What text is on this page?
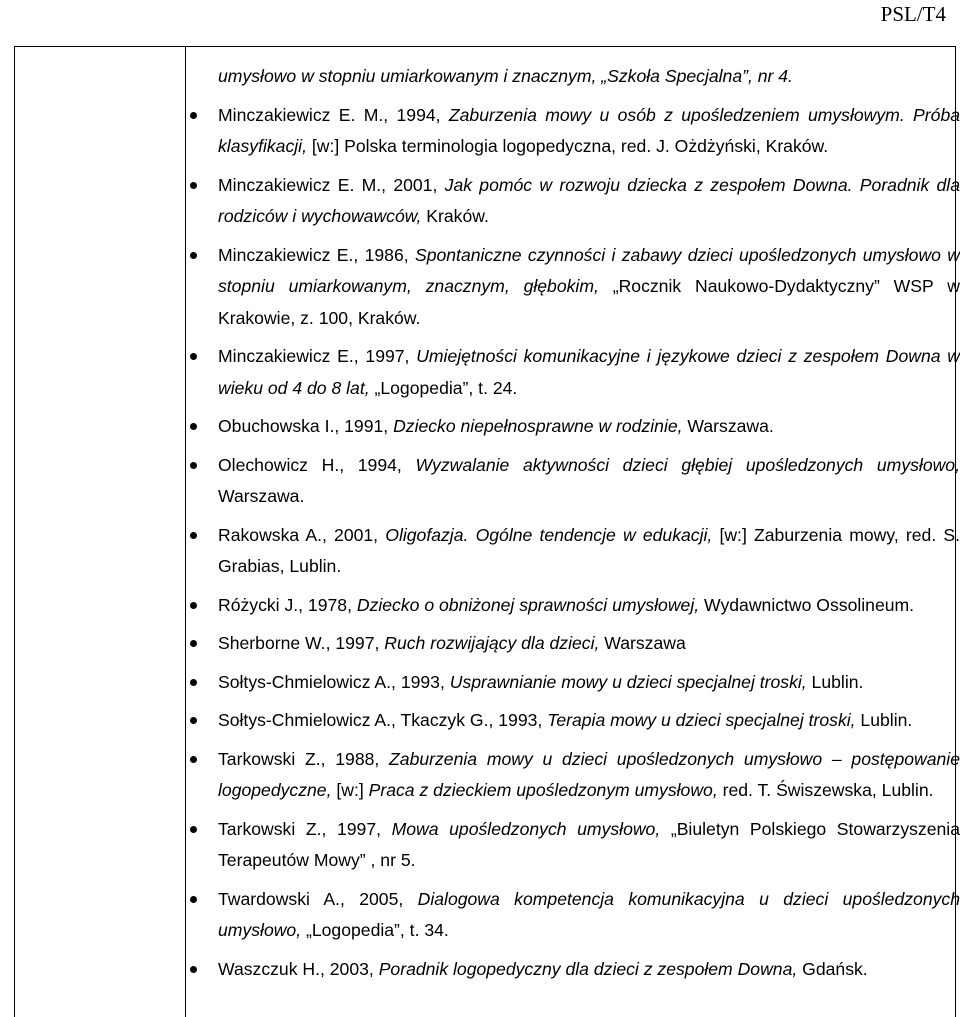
PSL/T4
umysłowo w stopniu umiarkowanym i znacznym, „Szkoła Specjalna”, nr 4.
Minczakiewicz E. M., 1994, Zaburzenia mowy u osób z upośledzeniem umysłowym. Próba klasyfikacji, [w:] Polska terminologia logopedyczna, red. J. Ożdżyński, Kraków.
Minczakiewicz E. M., 2001, Jak pomóc w rozwoju dziecka z zespołem Downa. Poradnik dla rodziców i wychowawców, Kraków.
Minczakiewicz E., 1986, Spontaniczne czynności i zabawy dzieci upośledzonych umysłowo w stopniu umiarkowanym, znacznym, głębokim, „Rocznik Naukowo-Dydaktyczny” WSP w Krakowie, z. 100, Kraków.
Minczakiewicz E., 1997, Umiejętności komunikacyjne i językowe dzieci z zespołem Downa w wieku od 4 do 8 lat, „Logopedia”, t. 24.
Obuchowska I., 1991, Dziecko niepełnosprawne w rodzinie, Warszawa.
Olechowicz H., 1994, Wyzwalanie aktywności dzieci głębiej upośledzonych umysłowo, Warszawa.
Rakowska A., 2001, Oligofazja. Ogólne tendencje w edukacji, [w:] Zaburzenia mowy, red. S. Grabias, Lublin.
Różycki J., 1978, Dziecko o obniżonej sprawności umysłowej, Wydawnictwo Ossolineum.
Sherborne W., 1997, Ruch rozwijający dla dzieci, Warszawa
Sołtys-Chmielowicz A., 1993, Usprawnianie mowy u dzieci specjalnej troski, Lublin.
Sołtys-Chmielowicz A., Tkaczyk G., 1993, Terapia mowy u dzieci specjalnej troski, Lublin.
Tarkowski Z., 1988, Zaburzenia mowy u dzieci upośledzonych umysłowo – postępowanie logopedyczne, [w:] Praca z dzieckiem upośledzonym umysłowo, red. T. Świszewska, Lublin.
Tarkowski Z., 1997, Mowa upośledzonych umysłowo, „Biuletyn Polskiego Stowarzyszenia Terapeutów Mowy” , nr 5.
Twardowski A., 2005, Dialogowa kompetencja komunikacyjna u dzieci upośledzonych umysłowo, „Logopedia”, t. 34.
Waszczuk H., 2003, Poradnik logopedyczny dla dzieci z zespołem Downa, Gdańsk.
